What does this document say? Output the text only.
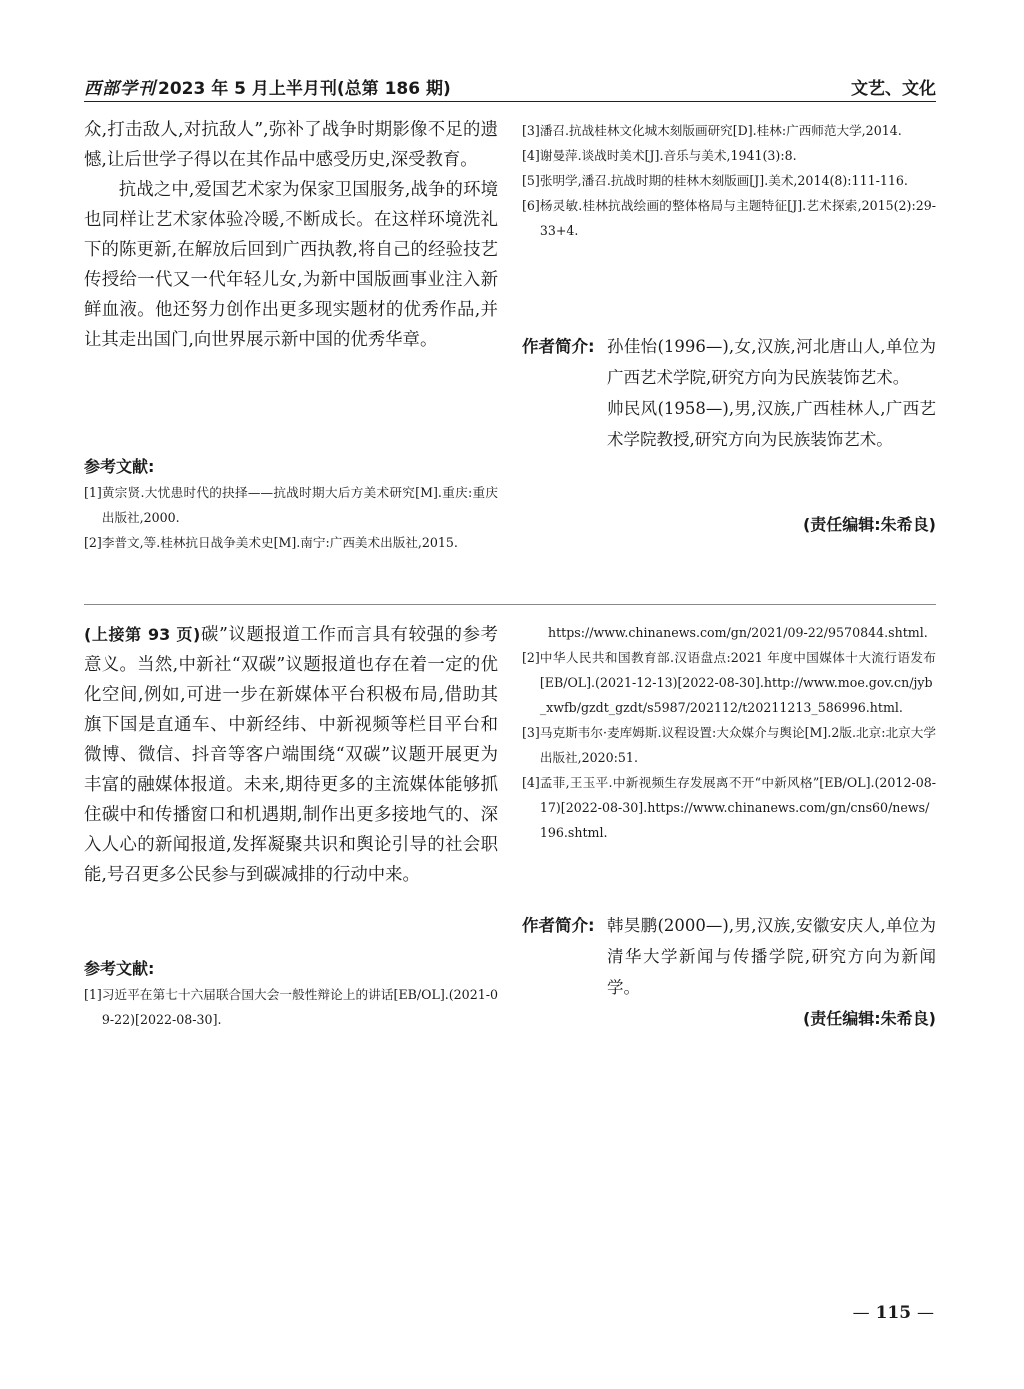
西部学刊 2023 年 5 月上半月刊(总第 186 期)	文艺、文化

众,打击敌人,对抗敌人”,弥补了战争时期影像不足的遗憾,让后世学子得以在其作品中感受历史,深受教育。

抗战之中,爱国艺术家为保家卫国服务,战争的环境也同样让艺术家体验冷暖,不断成长。在这样环境洗礼下的陈更新,在解放后回到广西执教,将自己的经验技艺传授给一代又一代年轻儿女,为新中国版画事业注入新鲜血液。他还努力创作出更多现实题材的优秀作品,并让其走出国门,向世界展示新中国的优秀华章。

参考文献:
[1] 黄宗贤.大忧患时代的抉择——抗战时期大后方美术研究[M].重庆:重庆出版社,2000.
[2] 李普文,等.桂林抗日战争美术史[M].南宁:广西美术出版社,2015.
[3] 潘召.抗战桂林文化城木刻版画研究[D].桂林:广西师范大学,2014.
[4] 谢曼萍.谈战时美术[J].音乐与美术,1941(3):8.
[5] 张明学,潘召.抗战时期的桂林木刻版画[J].美术,2014(8):111-116.
[6] 杨灵敏.桂林抗战绘画的整体格局与主题特征[J].艺术探索,2015(2):29-33+4.
作者简介: 孙佳怡(1996—),女,汉族,河北唐山人,单位为广西艺术学院,研究方向为民族装饰艺术。

帅民风(1958—),男,汉族,广西桂林人,广西艺术学院教授,研究方向为民族装饰艺术。

(责任编辑:朱希良)

(上接第 93 页)碳”议题报道工作而言具有较强的参考意义。当然,中新社“双碳”议题报道也存在着一定的优化空间,例如,可进一步在新媒体平台积极布局,借助其旗下国是直通车、中新经纬、中新视频等栏目平台和微博、微信、抖音等客户端围绕“双碳”议题开展更为丰富的融媒体报道。未来,期待更多的主流媒体能够抓住碳中和传播窗口和机遇期,制作出更多接地气的、深入人心的新闻报道,发挥凝聚共识和舆论引导的社会职能,号召更多公民参与到碳减排的行动中来。

参考文献:
[1] 习近平在第七十六届联合国大会一般性辩论上的讲话[EB/OL].(2021-09-22)[2022-08-30].
https://www.chinanews.com/gn/2021/09-22/9570844.shtml.
[2] 中华人民共和国教育部.汉语盘点:2021 年度中国媒体十大流行语发布[EB/OL].(2021-12-13)[2022-08-30].http://www.moe.gov.cn/jyb_xwfb/gzdt_gzdt/s5987/202112/t20211213_586996.html.
[3] 马克斯韦尔·麦库姆斯.议程设置:大众媒介与舆论[M].2版.北京:北京大学出版社,2020:51.
[4] 孟菲,王玉平.中新视频生存发展离不开“中新风格”[EB/OL].(2012-08-17)[2022-08-30].https://www.chinanews.com/gn/cns60/news/196.shtml.
作者简介: 韩昊鹏(2000—),男,汉族,安徽安庆人,单位为清华大学新闻与传播学院,研究方向为新闻学。

(责任编辑:朱希良)
— 115 —
